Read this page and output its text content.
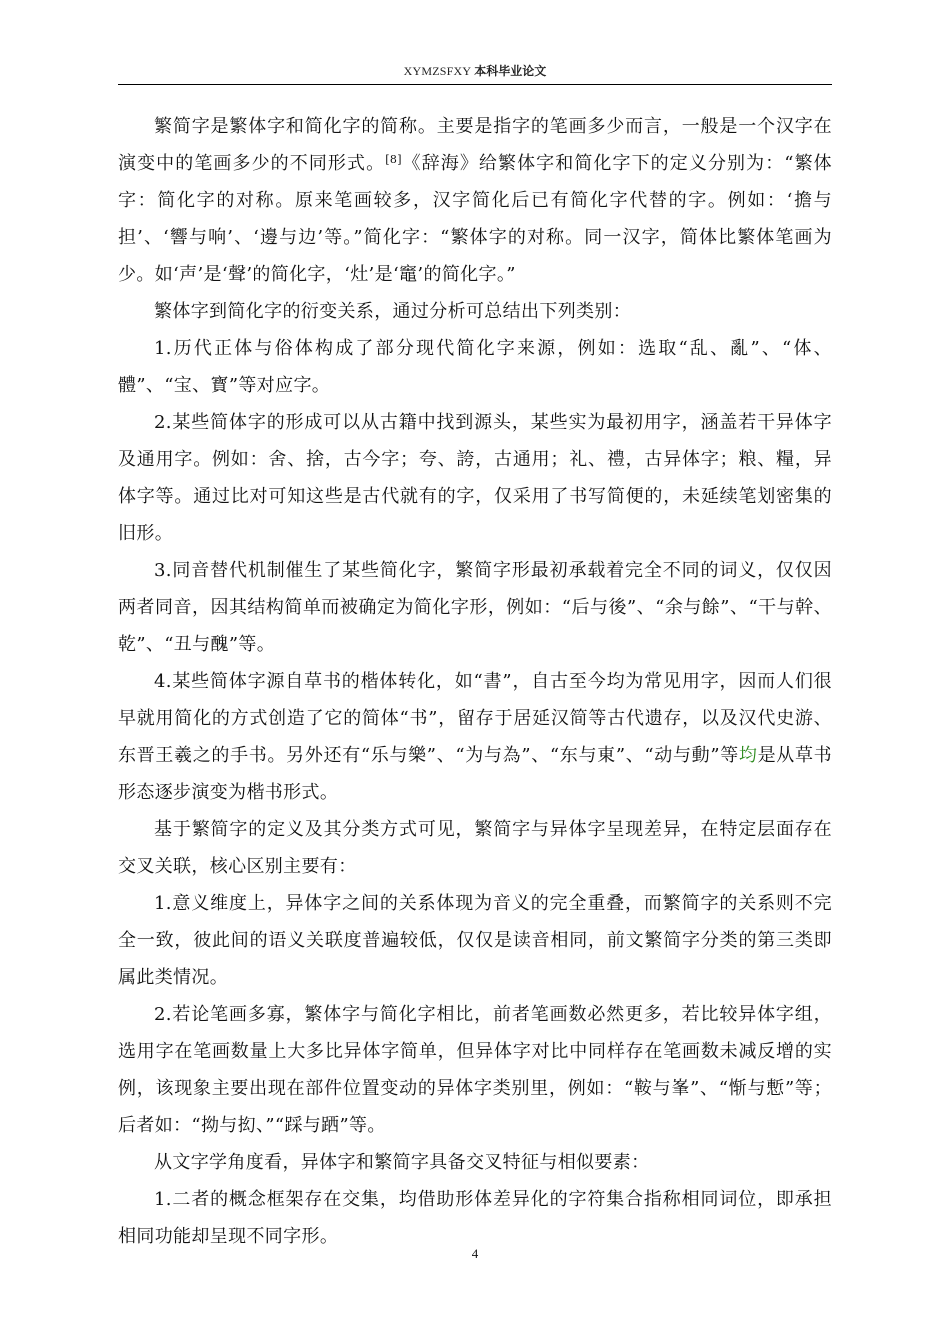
XYMZSFXY 本科毕业论文

繁简字是繁体字和简化字的简称。主要是指字的笔画多少而言，一般是一个汉字在演变中的笔画多少的不同形式。[8]《辞海》给繁体字和简化字下的定义分别为：“繁体字：简化字的对称。原来笔画较多，汉字简化后已有简化字代替的字。例如：‘擔与担’、‘響与响’、‘邊与边’等。”简化字：“繁体字的对称。同一汉字，简体比繁体笔画为少。如‘声’是‘聲’的简化字，‘灶’是‘竈’的简化字。”

繁体字到简化字的衍变关系，通过分析可总结出下列类别：

1.历代正体与俗体构成了部分现代简化字来源，例如：选取“乱、亂”、“体、體”、“宝、寳”等对应字。

2.某些简体字的形成可以从古籍中找到源头，某些实为最初用字，涵盖若干异体字及通用字。例如：舍、捨，古今字；夸、誇，古通用；礼、禮，古异体字；粮、糧，异体字等。通过比对可知这些是古代就有的字，仅采用了书写简便的，未延续笔划密集的旧形。

3.同音替代机制催生了某些简化字，繁简字形最初承载着完全不同的词义，仅仅因两者同音，因其结构简单而被确定为简化字形，例如：“后与後”、“余与餘”、“干与幹、乾”、“丑与醜”等。

4.某些简体字源自草书的楷体转化，如“書”，自古至今均为常见用字，因而人们很早就用简化的方式创造了它的简体“书”，留存于居延汉简等古代遗存，以及汉代史游、东晋王羲之的手书。另外还有“乐与樂”、“为与為”、“东与東”、“动与動”等均是从草书形态逐步演变为楷书形式。

基于繁简字的定义及其分类方式可见，繁简字与异体字呈现差异，在特定层面存在交叉关联，核心区别主要有：

1.意义维度上，异体字之间的关系体现为音义的完全重叠，而繁简字的关系则不完全一致，彼此间的语义关联度普遍较低，仅仅是读音相同，前文繁简字分类的第三类即属此类情况。

2.若论笔画多寡，繁体字与简化字相比，前者笔画数必然更多，若比较异体字组，选用字在笔画数量上大多比异体字简单，但异体字对比中同样存在笔画数未减反增的实例，该现象主要出现在部件位置变动的异体字类别里，例如：“鞍与峯”、“惭与慙”等；后者如：“拗与抝、”“踩与跴”等。

从文字学角度看，异体字和繁简字具备交叉特征与相似要素：

1.二者的概念框架存在交集，均借助形体差异化的字符集合指称相同词位，即承担相同功能却呈现不同字形。

4
